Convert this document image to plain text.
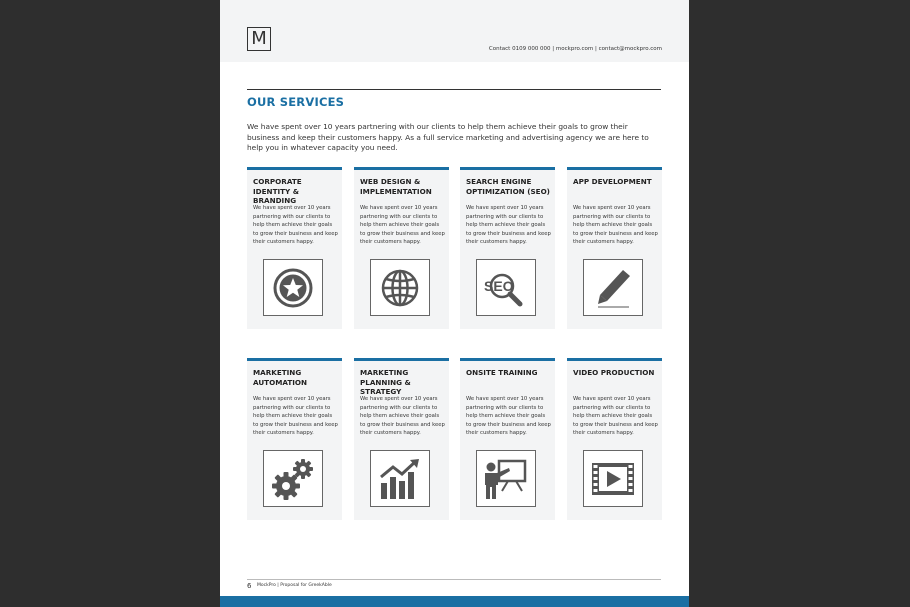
M	Contact 0109 000 000 | mockpro.com | contact@mockpro.com
OUR SERVICES
We have spent over 10 years partnering with our clients to help them achieve their goals to grow their business and keep their customers happy. As a full service marketing and advertising agency we are here to help you in whatever capacity you need.
CORPORATE IDENTITY & BRANDING
We have spent over 10 years partnering with our clients to help them achieve their goals to grow their business and keep their customers happy.
WEB DESIGN & IMPLEMENTATION
We have spent over 10 years partnering with our clients to help them achieve their goals to grow their business and keep their customers happy.
SEARCH ENGINE OPTIMIZATION (SEO)
We have spent over 10 years partnering with our clients to help them achieve their goals to grow their business and keep their customers happy.
SEO
APP DEVELOPMENT
We have spent over 10 years partnering with our clients to help them achieve their goals to grow their business and keep their customers happy.
MARKETING AUTOMATION
We have spent over 10 years partnering with our clients to help them achieve their goals to grow their business and keep their customers happy.
MARKETING PLANNING & STRATEGY
We have spent over 10 years partnering with our clients to help them achieve their goals to grow their business and keep their customers happy.
ONSITE TRAINING
We have spent over 10 years partnering with our clients to help them achieve their goals to grow their business and keep their customers happy.
VIDEO PRODUCTION
We have spent over 10 years partnering with our clients to help them achieve their goals to grow their business and keep their customers happy.
6 MockPro | Proposal for GreekAble
